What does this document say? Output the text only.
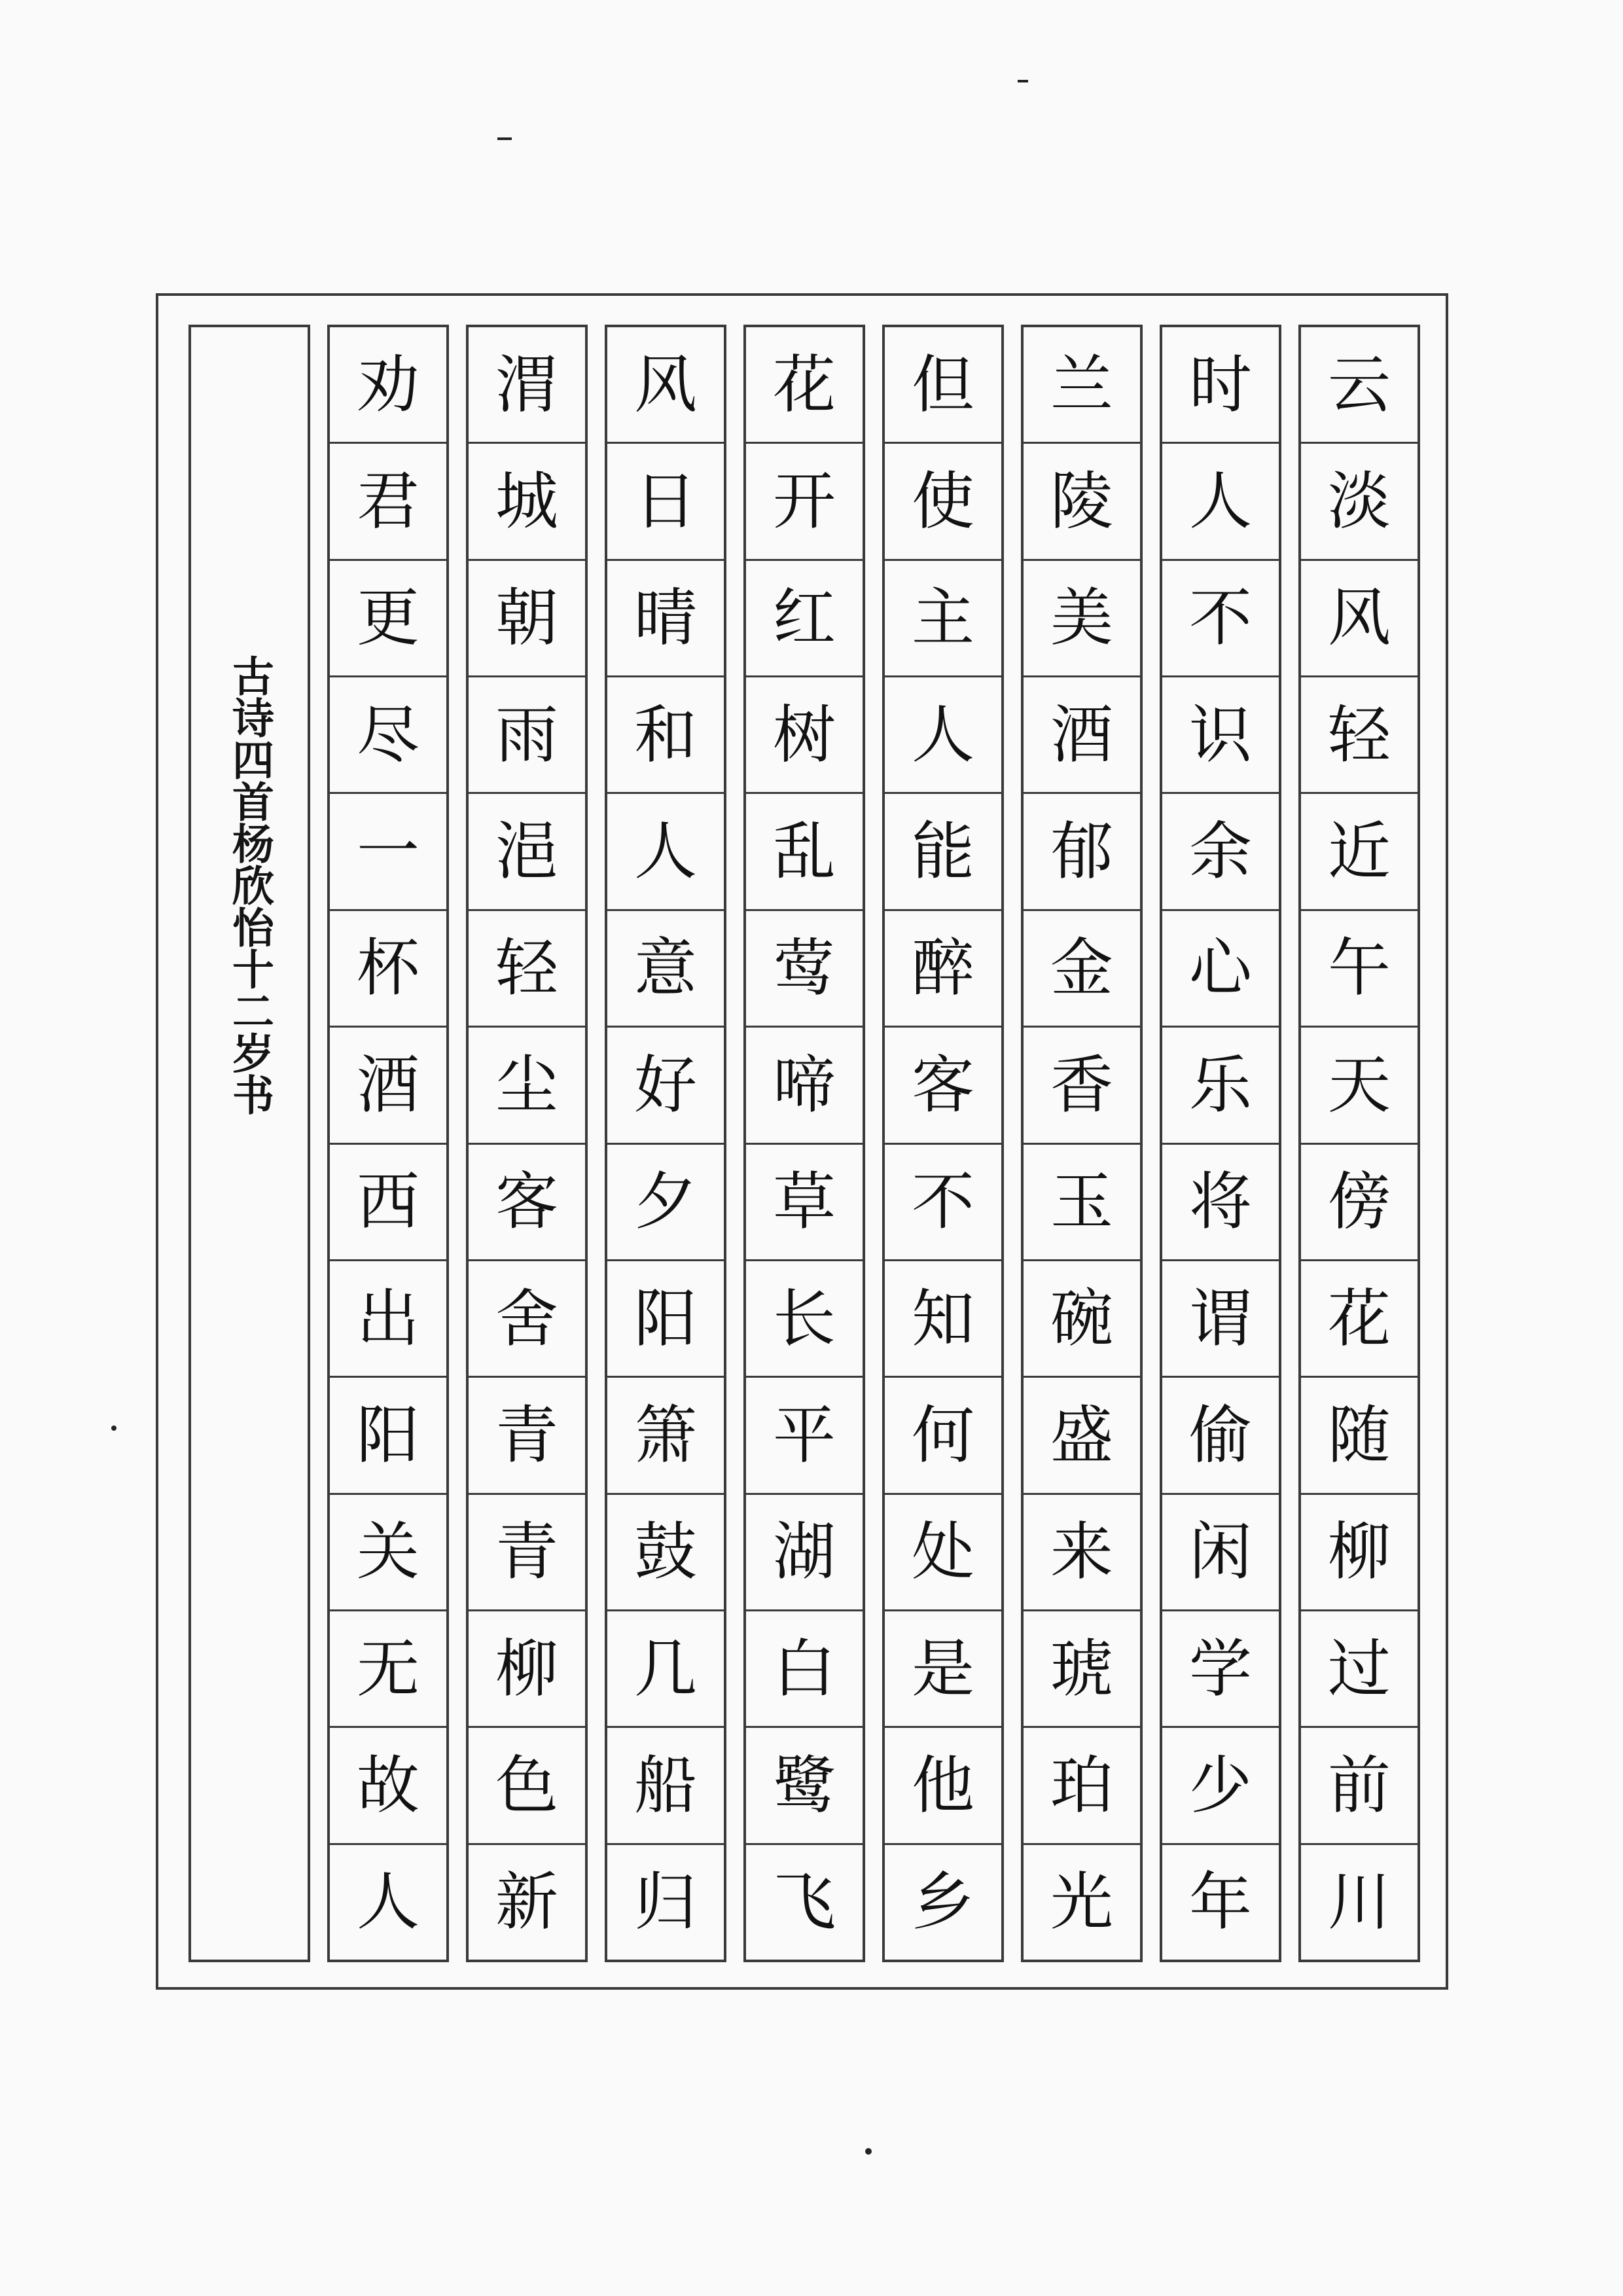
古诗四首杨欣怡十二岁书
劝
君
更
尽
一
杯
酒
西
出
阳
关
无
故
人
渭
城
朝
雨
浥
轻
尘
客
舍
青
青
柳
色
新
风
日
晴
和
人
意
好
夕
阳
箫
鼓
几
船
归
花
开
红
树
乱
莺
啼
草
长
平
湖
白
鹭
飞
但
使
主
人
能
醉
客
不
知
何
处
是
他
乡
兰
陵
美
酒
郁
金
香
玉
碗
盛
来
琥
珀
光
时
人
不
识
余
心
乐
将
谓
偷
闲
学
少
年
云
淡
风
轻
近
午
天
傍
花
随
柳
过
前
川
